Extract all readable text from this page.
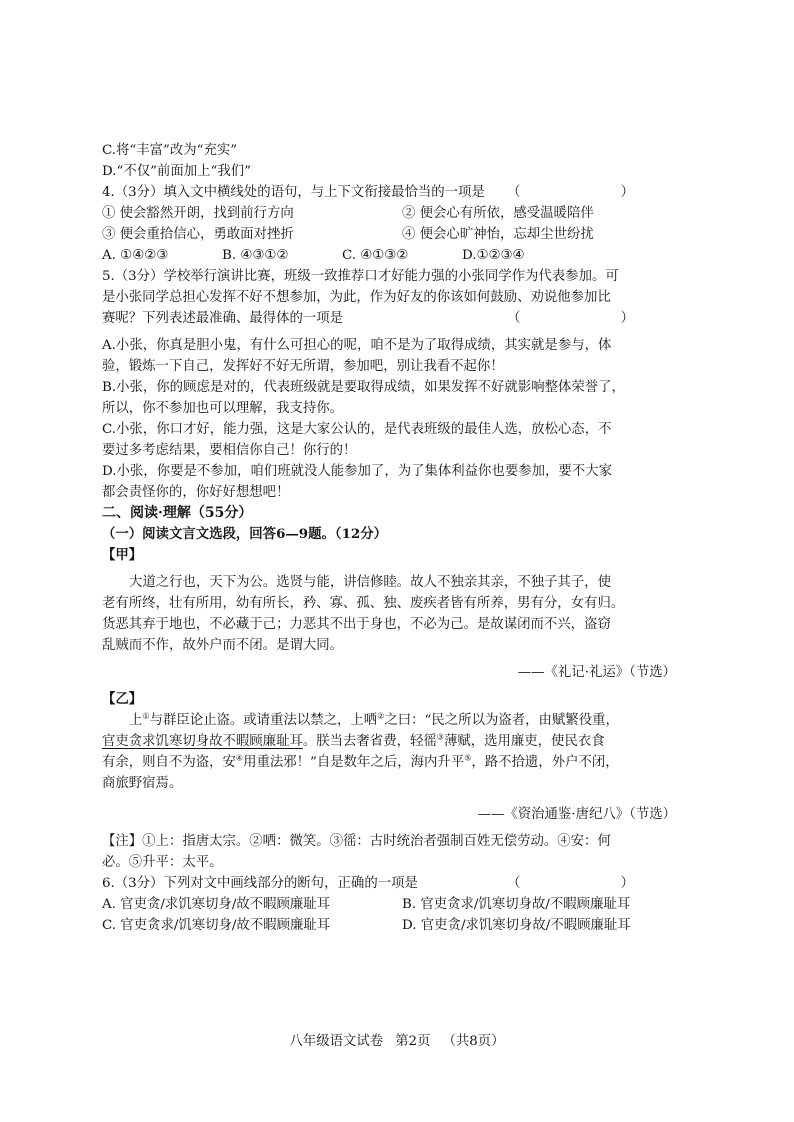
C.将“丰富”改为“充实”
D.“不仅”前面加上“我们”
4.（3分）填入文中横线处的语句，与上下文衔接最恰当的一项是 （ ）
① 使会豁然开朗，找到前行方向	② 便会心有所依，感受温暖陪伴
③ 便会重拾信心，勇敢面对挫折	④ 便会心旷神怡，忘却尘世纷扰
A. ①④②③	B. ④③①②	C. ④①③②	D.①②③④
5.（3分）学校举行演讲比赛，班级一致推荐口才好能力强的小张同学作为代表参加。可
是小张同学总担心发挥不好不想参加，为此，作为好友的你该如何鼓励、劝说他参加比
赛呢？下列表述最准确、最得体的一项是	（ ）
A.小张，你真是胆小鬼，有什么可担心的呢，咱不是为了取得成绩，其实就是参与，体
验，锻炼一下自己，发挥好不好无所谓，参加吧，别让我看不起你！
B.小张，你的顾虑是对的，代表班级就是要取得成绩，如果发挥不好就影响整体荣誉了，
所以，你不参加也可以理解，我支持你。
C.小张，你口才好，能力强，这是大家公认的，是代表班级的最佳人选，放松心态，不
要过多考虑结果，要相信你自己！你行的！
D.小张，你要是不参加，咱们班就没人能参加了，为了集体利益你也要参加，要不大家
都会责怪你的，你好好想想吧！
二、阅读·理解（55分）
（一）阅读文言文选段，回答6—9题。（12分）
【甲】
大道之行也，天下为公。选贤与能，讲信修睦。故人不独亲其亲，不独子其子，使
老有所终，壮有所用，幼有所长，矜、寡、孤、独、废疾者皆有所养，男有分，女有归。
货恶其弃于地也，不必藏于己；力恶其不出于身也，不必为己。是故谋闭而不兴，盗窃
乱贼而不作，故外户而不闭。是谓大同。
——《礼记·礼运》（节选）
【乙】
上①与群臣论止盗。或请重法以禁之，上哂②之曰：“民之所以为盗者，由赋繁役重，
官吏贪求饥寒切身故不暇顾廉耻耳。朕当去奢省费，轻徭③薄赋，选用廉吏，使民衣食
有余，则自不为盗，安④用重法邪！”自是数年之后，海内升平⑤，路不拾遗，外户不闭，
商旅野宿焉。
——《资治通鉴·唐纪八》（节选）
【注】①上：指唐太宗。②哂：微笑。③徭：古时统治者强制百姓无偿劳动。④安：何
必。⑤升平：太平。
6.（3分）下列对文中画线部分的断句，正确的一项是	（ ）
A. 官吏贪/求饥寒切身/故不暇顾廉耻耳	B. 官吏贪求/饥寒切身故/不暇顾廉耻耳
C. 官吏贪求/饥寒切身/故不暇顾廉耻耳	D. 官吏贪/求饥寒切身故/不暇顾廉耻耳
八年级语文试卷 第2页 （共8页）
